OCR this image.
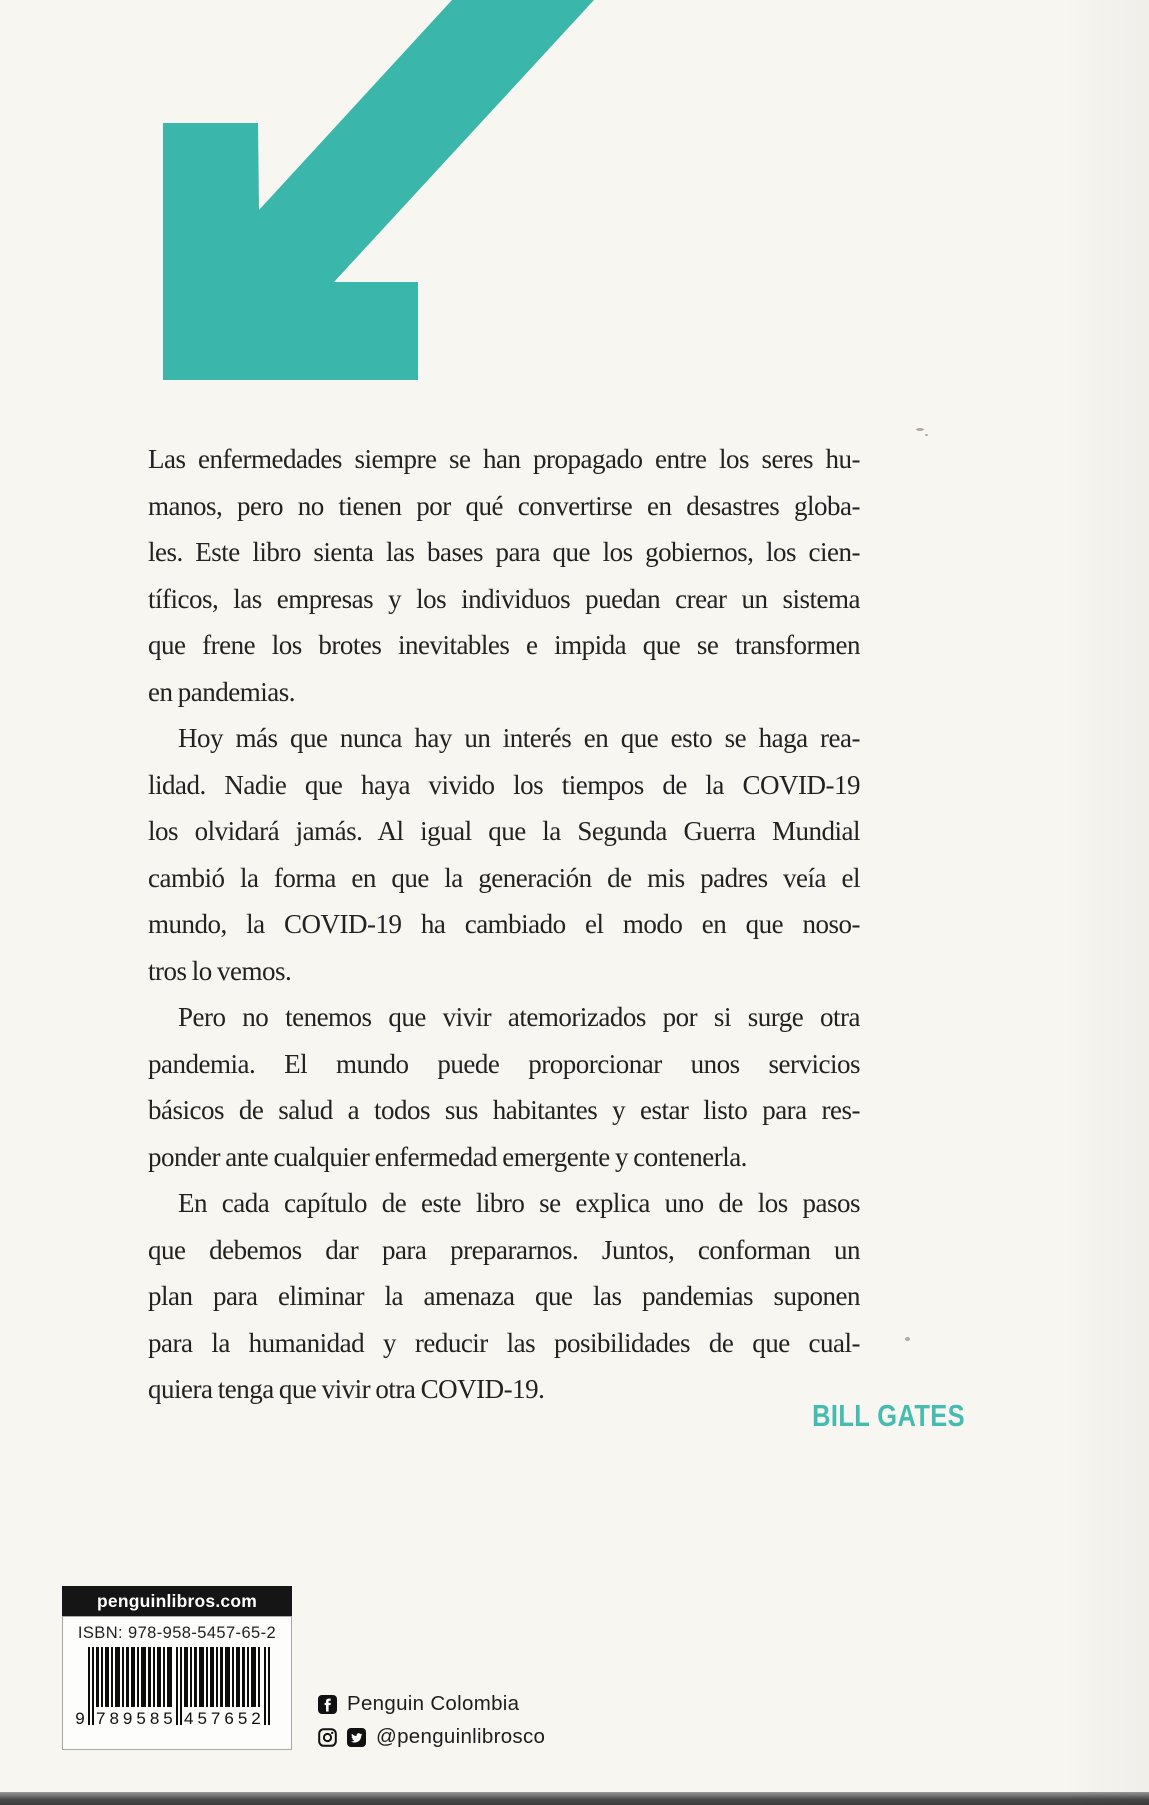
Las enfermedades siempre se han propagado entre los seres hu-
manos, pero no tienen por qué convertirse en desastres globa-
les. Este libro sienta las bases para que los gobiernos, los cien-
tíficos, las empresas y los individuos puedan crear un sistema
que frene los brotes inevitables e impida que se transformen
en pandemias.
Hoy más que nunca hay un interés en que esto se haga rea-
lidad. Nadie que haya vivido los tiempos de la COVID-19
los olvidará jamás. Al igual que la Segunda Guerra Mundial
cambió la forma en que la generación de mis padres veía el
mundo, la COVID-19 ha cambiado el modo en que noso-
tros lo vemos.
Pero no tenemos que vivir atemorizados por si surge otra
pandemia. El mundo puede proporcionar unos servicios
básicos de salud a todos sus habitantes y estar listo para res-
ponder ante cualquier enfermedad emergente y contenerla.
En cada capítulo de este libro se explica uno de los pasos
que debemos dar para prepararnos. Juntos, conforman un
plan para eliminar la amenaza que las pandemias suponen
para la humanidad y reducir las posibilidades de que cual-
quiera tenga que vivir otra COVID-19.
BILL GATES
penguinlibros.com
ISBN: 978-958-5457-65-2
9 789585 457652
Penguin Colombia
@penguinlibrosco
